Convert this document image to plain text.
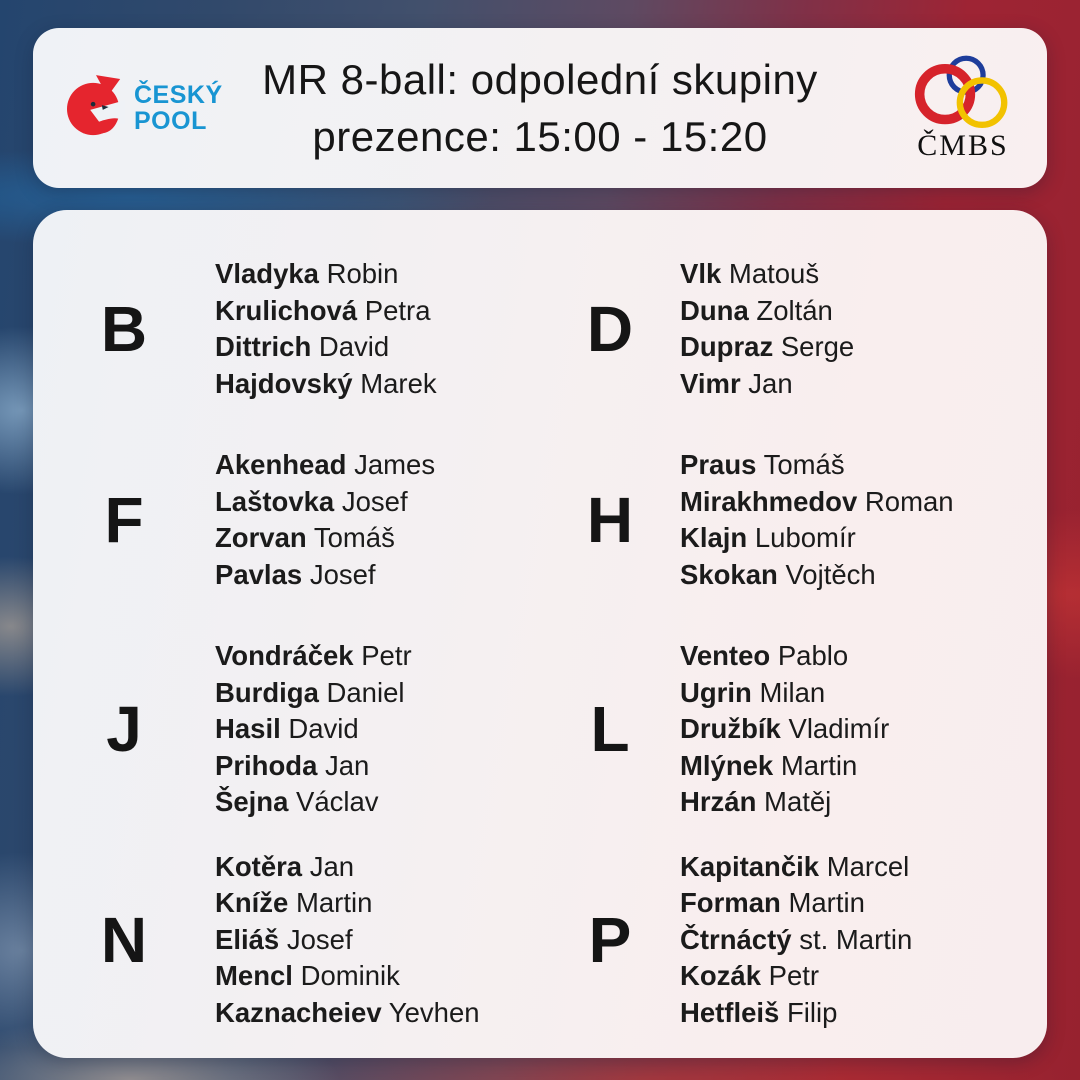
ČESKÝ
POOL
MR 8-ball: odpolední skupiny
prezence: 15:00 - 15:20	ČMBS
B
Vladyka Robin
Krulichová Petra
Dittrich David
Hajdovský Marek
D
Vlk Matouš
Duna Zoltán
Dupraz Serge
Vimr Jan
F
Akenhead James
Laštovka Josef
Zorvan Tomáš
Pavlas Josef
H
Praus Tomáš
Mirakhmedov Roman
Klajn Lubomír
Skokan Vojtěch
J
Vondráček Petr
Burdiga Daniel
Hasil David
Prihoda Jan
Šejna Václav
L
Venteo Pablo
Ugrin Milan
Družbík Vladimír
Mlýnek Martin
Hrzán Matěj
N
Kotěra Jan
Kníže Martin
Eliáš Josef
Mencl Dominik
Kaznacheiev Yevhen
P
Kapitančik Marcel
Forman Martin
Čtrnáctý st. Martin
Kozák Petr
Hetfleiš Filip
